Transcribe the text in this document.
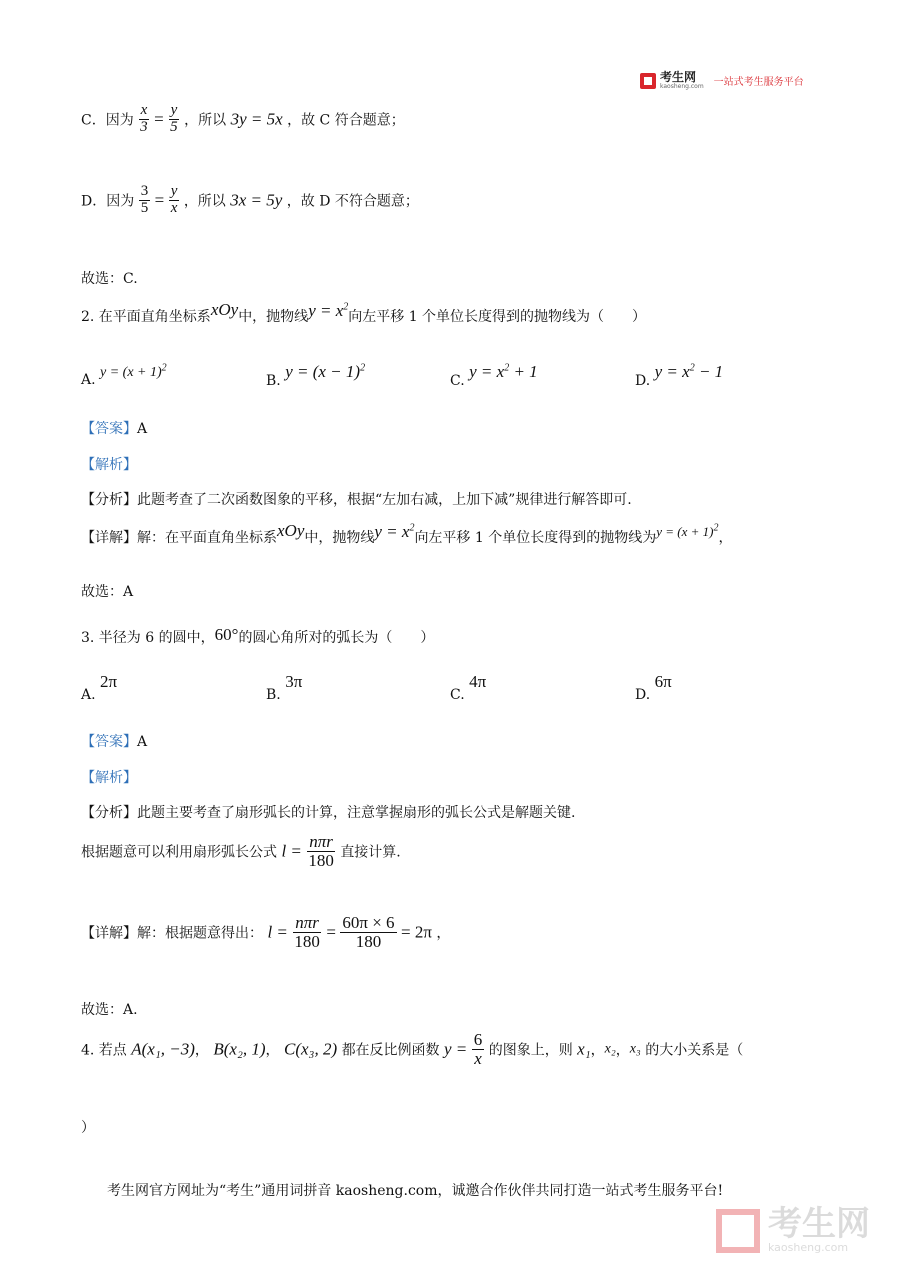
考生网
kaosheng.com 一站式考生服务平台
C．因为 $\frac{x}{3} = \frac{y}{5}$ ，所以 3y = 5x ，故 C 符合题意；
D．因为 $\frac{3}{5} = \frac{y}{x}$ ，所以 3x = 5y ，故 D 不符合题意；
故选：C.
2. 在平面直角坐标系xOy中，抛物线$y = x^2$向左平移 1 个单位长度得到的抛物线为（　　）
A. $y = (x + 1)^2$
B. $y = (x - 1)^2$
C. $y = x^2 + 1$	D. $y = x^2 - 1$
【答案】A
【解析】
【分析】此题考查了二次函数图象的平移，根据“左加右减，上加下减”规律进行解答即可.
【详解】解：在平面直角坐标系xOy中，抛物线$y = x^2$向左平移 1 个单位长度得到的抛物线为$y = (x + 1)^2$，
故选：A
3. 半径为 6 的圆中，60°的圆心角所对的弧长为（　　）
A. 2π
B. 3π
C. 4π
D. 6π
【答案】A
【解析】
【分析】此题主要考查了扇形弧长的计算，注意掌握扇形的弧长公式是解题关键.
根据题意可以利用扇形弧长公式 $l = \frac{\text{nπr}}{180}$ 直接计算.
【详解】解：根据题意得出： $l = \frac{\text{nπr}}{180} = \frac{60\pi \times 6}{180} = 2\pi$ ，
故选：A.
4. 若点 A(x₁, −3)， B(x₂, 1)， C(x₃, 2) 都在反比例函数 $y = \frac{6}{x}$ 的图象上，则 x₁，x₂，x₃ 的大小关系是（
）
考生网官方网址为“考生”通用词拼音 kaosheng.com，诚邀合作伙伴共同打造一站式考生服务平台!
考生网
kaosheng.com
